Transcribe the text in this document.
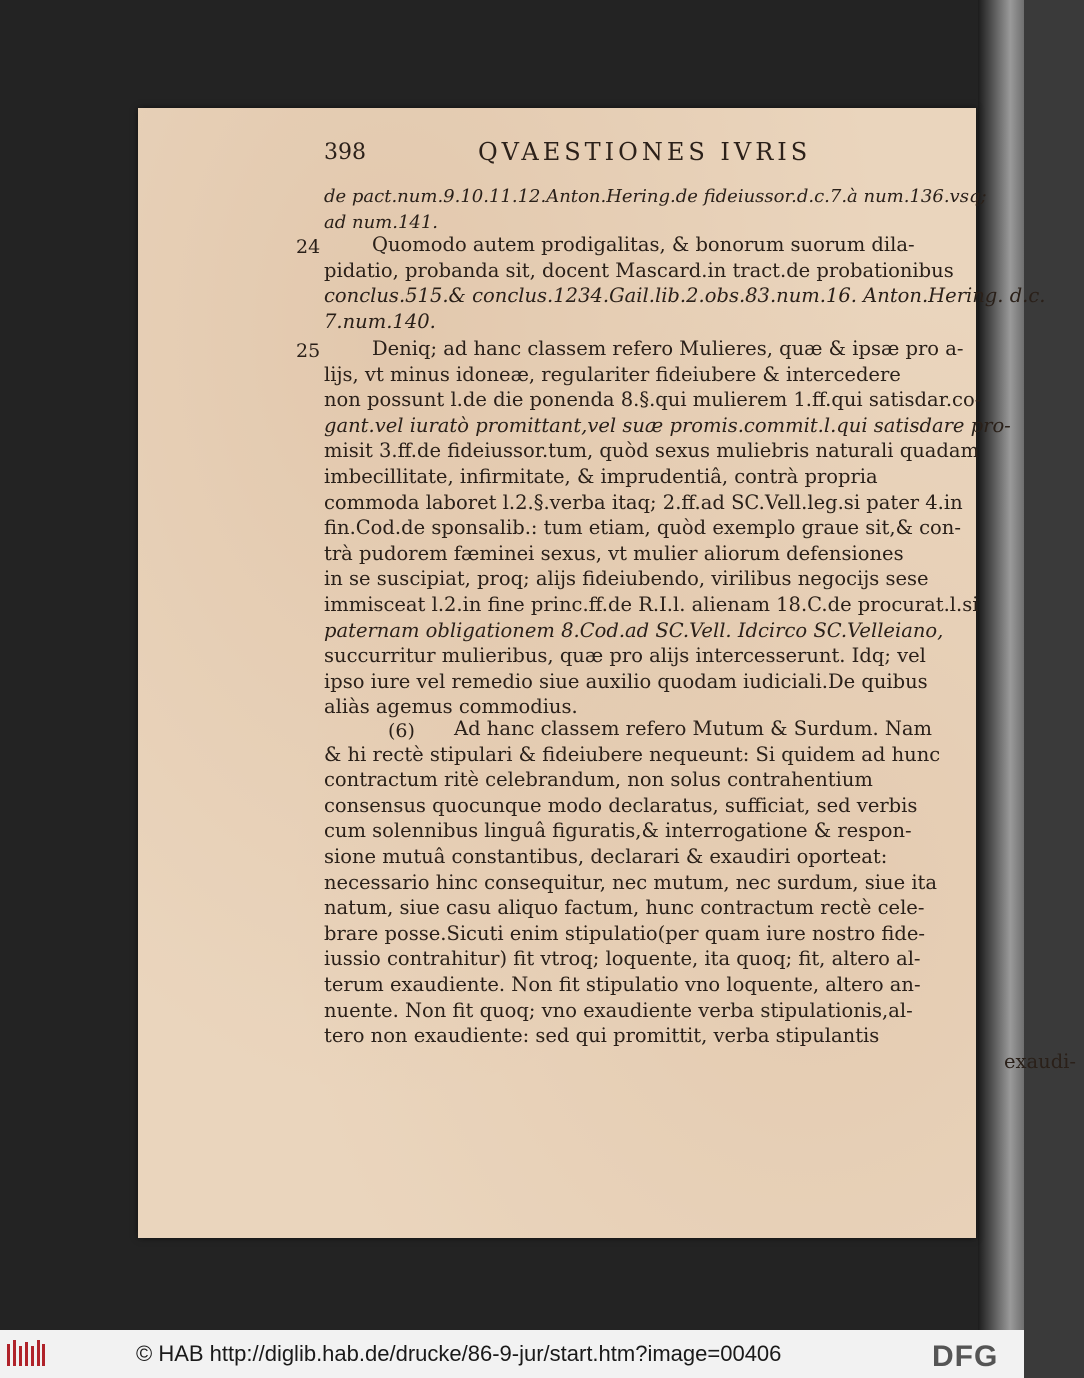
398	QVAESTIONES IVRIS
de pact.num.9.10.11.12.Anton.Hering.de fideiussor.d.c.7.à num.136.vsq;
ad num.141.
24	Quomodo autem prodigalitas, & bonorum suorum dila-
pidatio, probanda sit, docent Mascard.in tract.de probationibus
conclus.515.& conclus.1234.Gail.lib.2.obs.83.num.16. Anton.Hering. d.c.
7.num.140.
25	Deniq; ad hanc classem refero Mulieres, quæ & ipsæ pro a-
lijs, vt minus idoneæ, regulariter fideiubere & intercedere
non possunt l.de die ponenda 8.§.qui mulierem 1.ff.qui satisdar.co-
gant.vel iuratò promittant,vel suæ promis.commit.l.qui satisdare pro-
misit 3.ff.de fideiussor.tum, quòd sexus muliebris naturali quadam
imbecillitate, infirmitate, & imprudentiâ, contrà propria
commoda laboret l.2.§.verba itaq; 2.ff.ad SC.Vell.leg.si pater 4.in
fin.Cod.de sponsalib.: tum etiam, quòd exemplo graue sit,& con-
trà pudorem fæminei sexus, vt mulier aliorum defensiones
in se suscipiat, proq; alijs fideiubendo, virilibus negocijs sese
immisceat l.2.in fine princ.ff.de R.I.l. alienam 18.C.de procurat.l.si
paternam obligationem 8.Cod.ad SC.Vell. Idcirco SC.Velleiano,
succurritur mulieribus, quæ pro alijs intercesserunt. Idq; vel
ipso iure vel remedio siue auxilio quodam iudiciali.De quibus
aliàs agemus commodius.
(6)	Ad hanc classem refero Mutum & Surdum. Nam
& hi rectè stipulari & fideiubere nequeunt: Si quidem ad hunc
contractum ritè celebrandum, non solus contrahentium
consensus quocunque modo declaratus, sufficiat, sed verbis
cum solennibus linguâ figuratis,& interrogatione & respon-
sione mutuâ constantibus, declarari & exaudiri oporteat:
necessario hinc consequitur, nec mutum, nec surdum, siue ita
natum, siue casu aliquo factum, hunc contractum rectè cele-
brare posse.Sicuti enim stipulatio(per quam iure nostro fide-
iussio contrahitur) fit vtroq; loquente, ita quoq; fit, altero al-
terum exaudiente. Non fit stipulatio vno loquente, altero an-
nuente. Non fit quoq; vno exaudiente verba stipulationis,al-
tero non exaudiente: sed qui promittit, verba stipulantis
exaudi-
© HAB http://diglib.hab.de/drucke/86-9-jur/start.htm?image=00406	DFG
